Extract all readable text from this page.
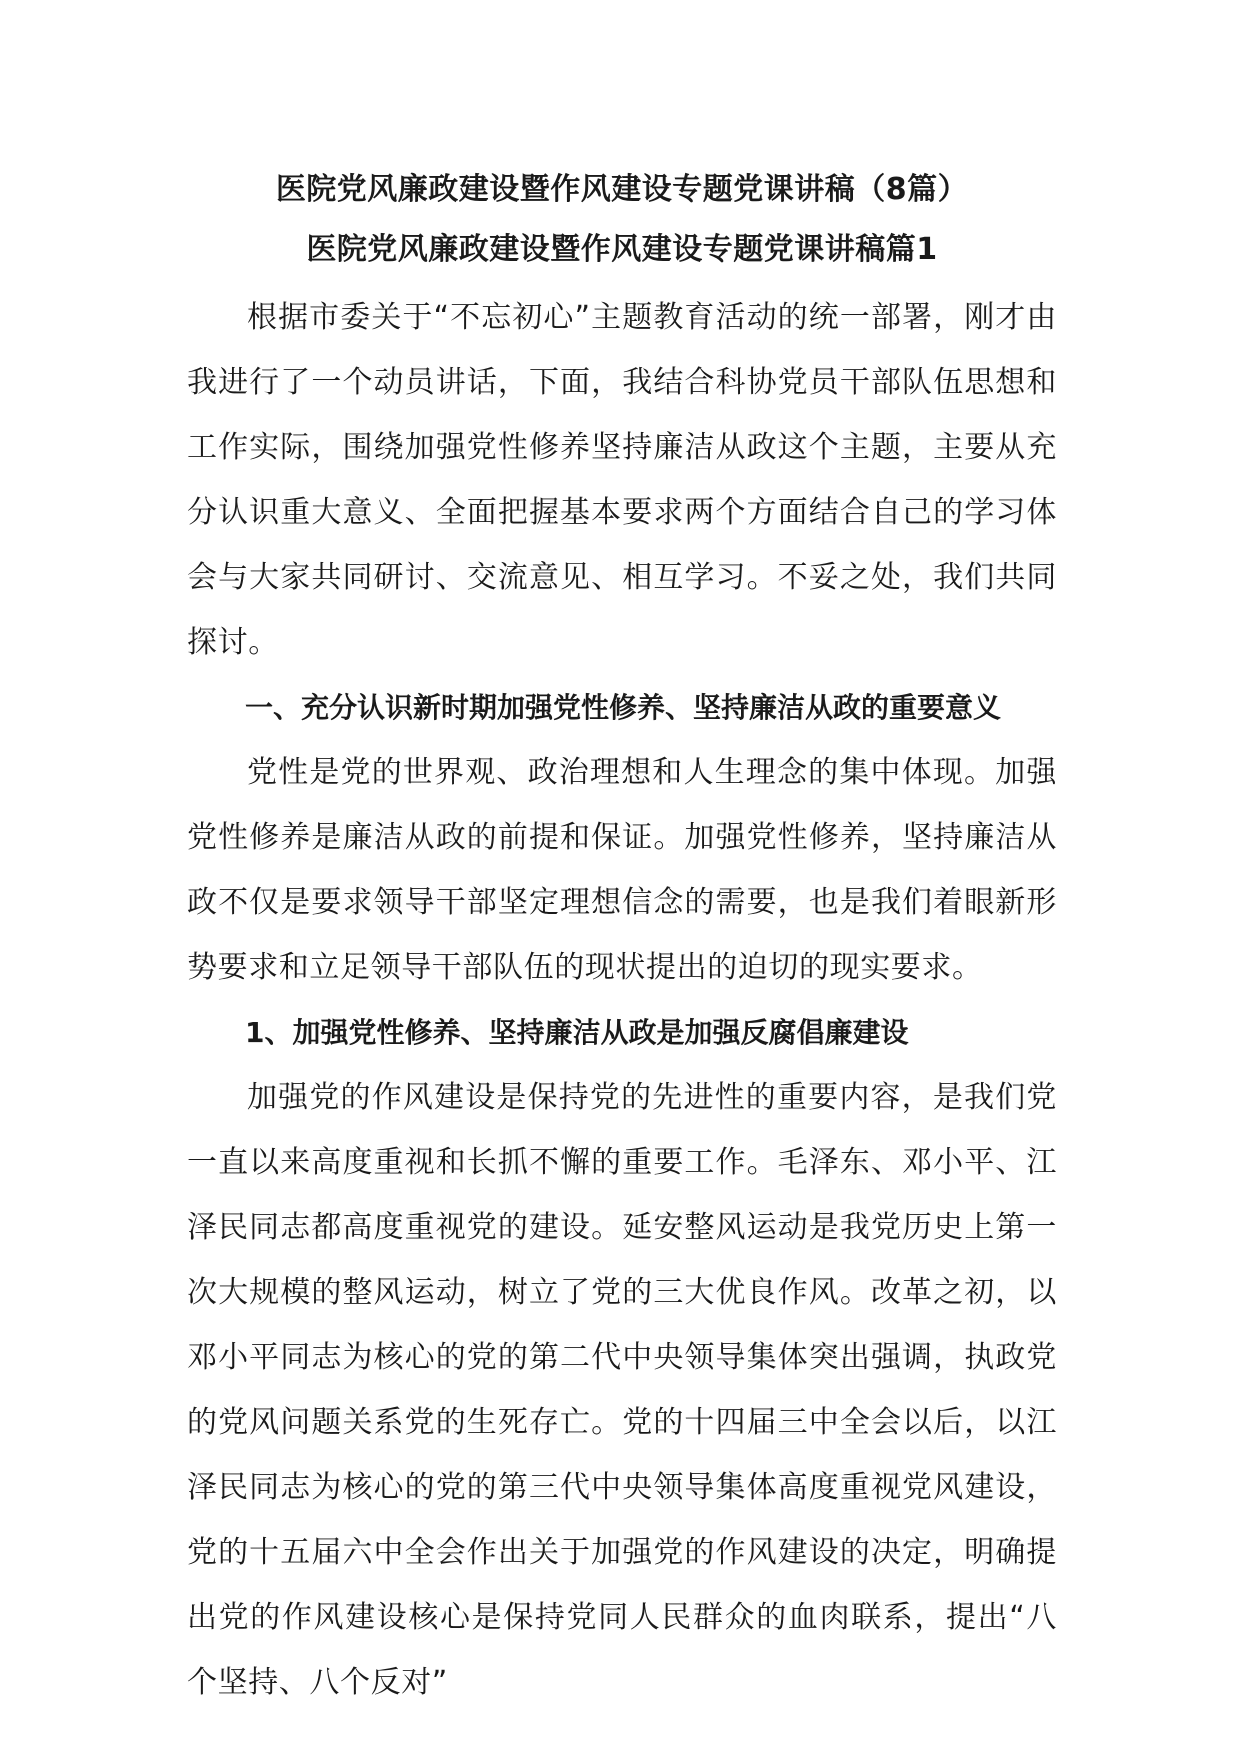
医院党风廉政建设暨作风建设专题党课讲稿（8篇）
医院党风廉政建设暨作风建设专题党课讲稿篇1

根据市委关于“不忘初心”主题教育活动的统一部署，刚才由我进行了一个动员讲话，下面，我结合科协党员干部队伍思想和工作实际，围绕加强党性修养坚持廉洁从政这个主题，主要从充分认识重大意义、全面把握基本要求两个方面结合自己的学习体会与大家共同研讨、交流意见、相互学习。不妥之处，我们共同探讨。

一、充分认识新时期加强党性修养、坚持廉洁从政的重要意义

党性是党的世界观、政治理想和人生理念的集中体现。加强党性修养是廉洁从政的前提和保证。加强党性修养，坚持廉洁从政不仅是要求领导干部坚定理想信念的需要，也是我们着眼新形势要求和立足领导干部队伍的现状提出的迫切的现实要求。

1、加强党性修养、坚持廉洁从政是加强反腐倡廉建设

加强党的作风建设是保持党的先进性的重要内容，是我们党一直以来高度重视和长抓不懈的重要工作。毛泽东、邓小平、江泽民同志都高度重视党的建设。延安整风运动是我党历史上第一次大规模的整风运动，树立了党的三大优良作风。改革之初，以邓小平同志为核心的党的第二代中央领导集体突出强调，执政党的党风问题关系党的生死存亡。党的十四届三中全会以后，以江泽民同志为核心的党的第三代中央领导集体高度重视党风建设，党的十五届六中全会作出关于加强党的作风建设的决定，明确提出党的作风建设核心是保持党同人民群众的血肉联系，提出“八个坚持、八个反对”
